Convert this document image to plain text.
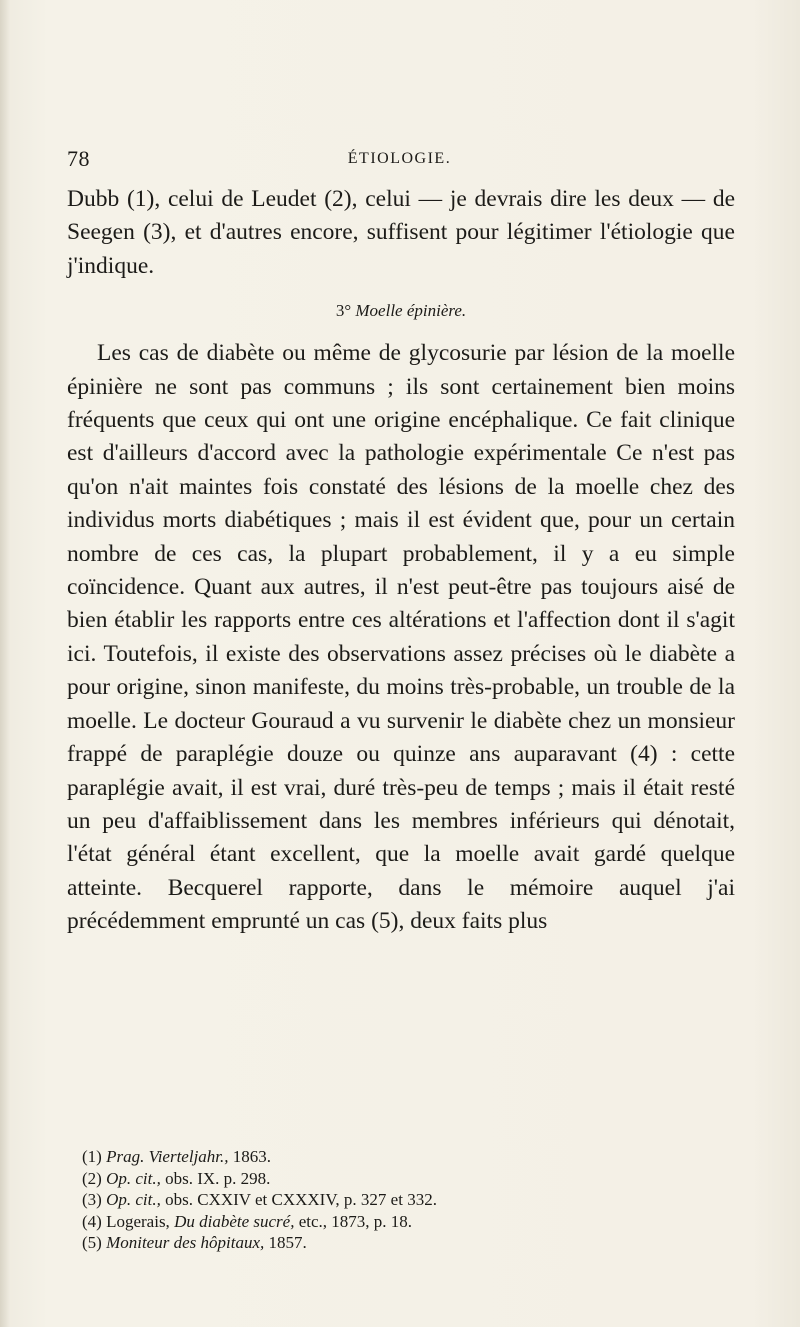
78	ÉTIOLOGIE.

Dubb (1), celui de Leudet (2), celui — je devrais dire les deux — de Seegen (3), et d'autres encore, suffisent pour légitimer l'étiologie que j'indique.

3° Moelle épinière.

Les cas de diabète ou même de glycosurie par lésion de la moelle épinière ne sont pas communs ; ils sont certainement bien moins fréquents que ceux qui ont une origine encéphalique. Ce fait clinique est d'ailleurs d'accord avec la pathologie expérimentale Ce n'est pas qu'on n'ait maintes fois constaté des lésions de la moelle chez des individus morts diabétiques ; mais il est évident que, pour un certain nombre de ces cas, la plupart probablement, il y a eu simple coïncidence. Quant aux autres, il n'est peut-être pas toujours aisé de bien établir les rapports entre ces altérations et l'affection dont il s'agit ici. Toutefois, il existe des observations assez précises où le diabète a pour origine, sinon manifeste, du moins très-probable, un trouble de la moelle. Le docteur Gouraud a vu survenir le diabète chez un monsieur frappé de paraplégie douze ou quinze ans auparavant (4) : cette paraplégie avait, il est vrai, duré très-peu de temps ; mais il était resté un peu d'affaiblissement dans les membres inférieurs qui dénotait, l'état général étant excellent, que la moelle avait gardé quelque atteinte. Becquerel rapporte, dans le mémoire auquel j'ai précédemment emprunté un cas (5), deux faits plus

(1) Prag. Vierteljahr., 1863.
(2) Op. cit., obs. IX. p. 298.
(3) Op. cit., obs. CXXIV et CXXXIV, p. 327 et 332.
(4) Logerais, Du diabète sucré, etc., 1873, p. 18.
(5) Moniteur des hôpitaux, 1857.
